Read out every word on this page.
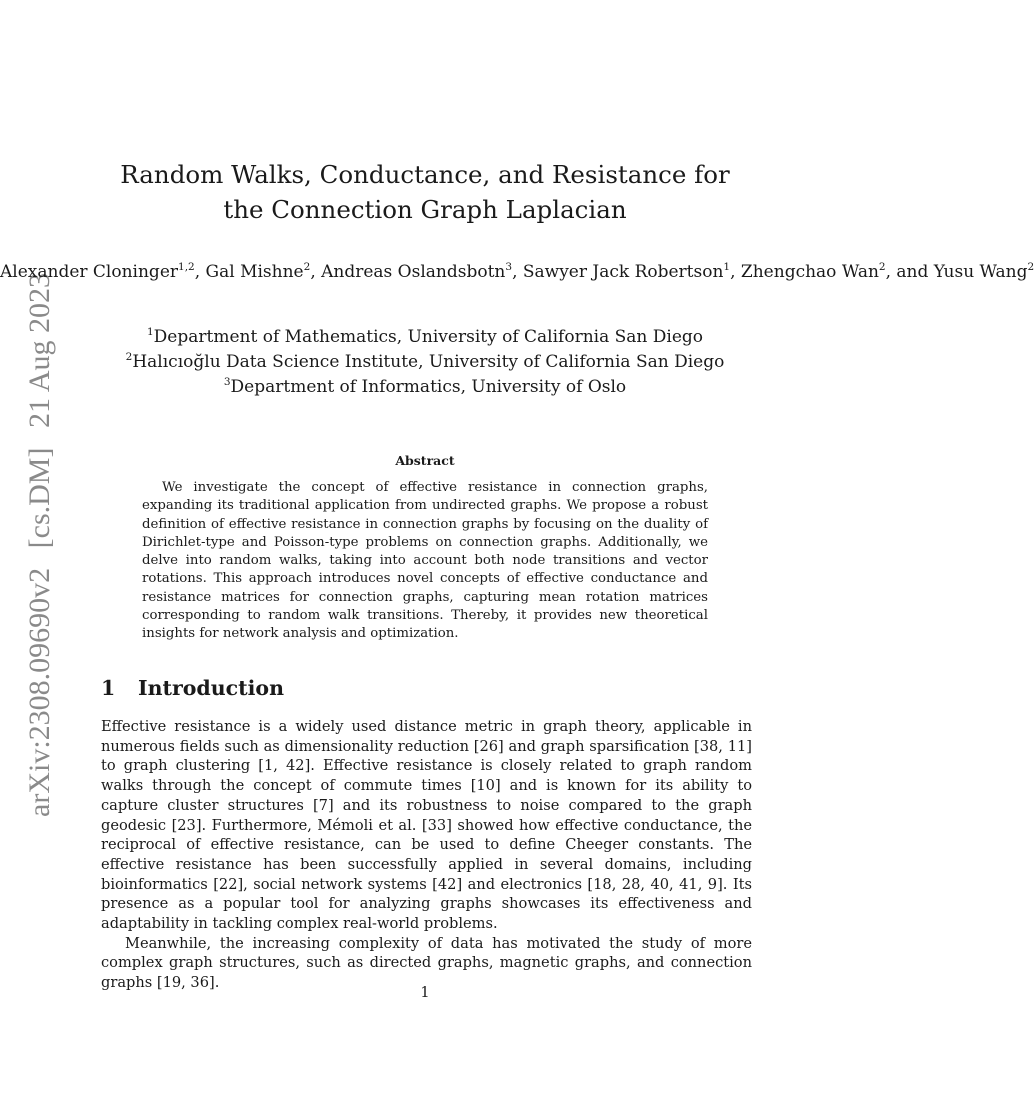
arXiv:2308.09690v2 [cs.DM] 21 Aug 2023
Random Walks, Conductance, and Resistance for
the Connection Graph Laplacian
Alexander Cloninger$^{1,2}$, Gal Mishne$^2$, Andreas Oslandsbotn$^3$, Sawyer Jack Robertson$^1$, Zhengchao Wan$^2$, and Yusu Wang$^2$
$^1$Department of Mathematics, University of California San Diego
$^2$Halıcıoğlu Data Science Institute, University of California San Diego
$^3$Department of Informatics, University of Oslo
Abstract

We investigate the concept of effective resistance in connection graphs, expanding its traditional application from undirected graphs. We propose a robust definition of effective resistance in connection graphs by focusing on the duality of Dirichlet-type and Poisson-type problems on connection graphs. Additionally, we delve into random walks, taking into account both node transitions and vector rotations. This approach introduces novel concepts of effective conductance and resistance matrices for connection graphs, capturing mean rotation matrices corresponding to random walk transitions. Thereby, it provides new theoretical insights for network analysis and optimization.

1 Introduction

Effective resistance is a widely used distance metric in graph theory, applicable in numerous fields such as dimensionality reduction [26] and graph sparsification [38, 11] to graph clustering [1, 42]. Effective resistance is closely related to graph random walks through the concept of commute times [10] and is known for its ability to capture cluster structures [7] and its robustness to noise compared to the graph geodesic [23]. Furthermore, Mémoli et al. [33] showed how effective conductance, the reciprocal of effective resistance, can be used to define Cheeger constants. The effective resistance has been successfully applied in several domains, including bioinformatics [22], social network systems [42] and electronics [18, 28, 40, 41, 9]. Its presence as a popular tool for analyzing graphs showcases its effectiveness and adaptability in tackling complex real-world problems.

Meanwhile, the increasing complexity of data has motivated the study of more complex graph structures, such as directed graphs, magnetic graphs, and connection graphs [19, 36].

1
